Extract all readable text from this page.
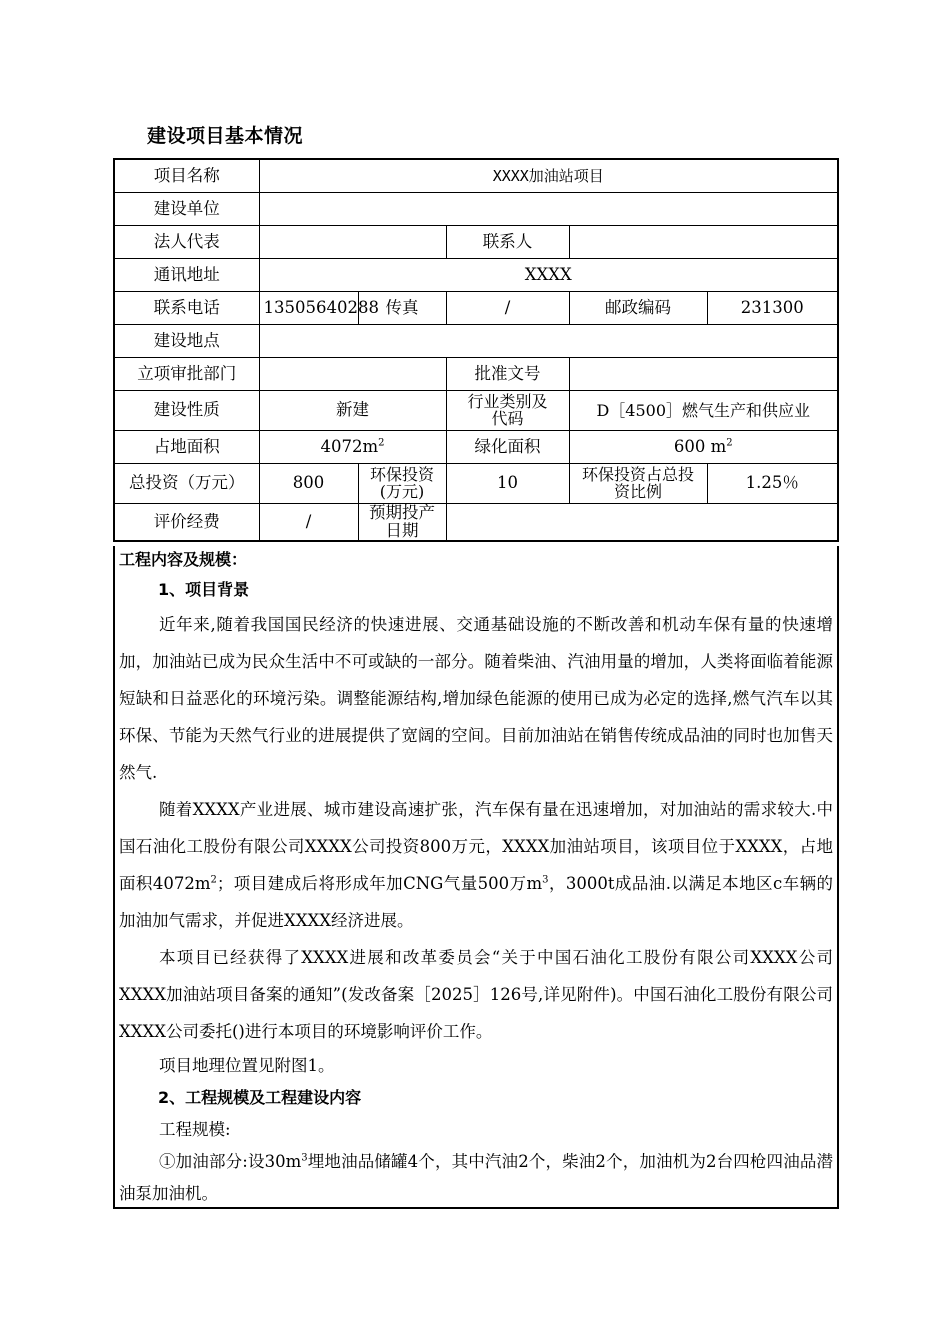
建设项目基本情况
项目名称	XXXX加油站项目				
建设单位					
法人代表			联系人		
通讯地址	XXXX				
联系电话	13505640288	传真	/	邮政编码	231300
建设地点					
立项审批部门			批准文号		
建设性质	新建		行业类别及代码	D［4500］燃气生产和供应业	
占地面积	$4072m^2$		绿化面积	600 $m^2$
总投资（万元）	800	环保投资(万元)	10	环保投资占总投资比例	1.25％
评价经费	/	预期投产日期			

工程内容及规模：

1、项目背景

近年来,随着我国国民经济的快速进展、交通基础设施的不断改善和机动车保有量的快速增加，加油站已成为民众生活中不可或缺的一部分。随着柴油、汽油用量的增加，人类将面临着能源短缺和日益恶化的环境污染。调整能源结构,增加绿色能源的使用已成为必定的选择,燃气汽车以其环保、节能为天然气行业的进展提供了宽阔的空间。目前加油站在销售传统成品油的同时也加售天然气.

随着XXXX产业进展、城市建设高速扩张，汽车保有量在迅速增加，对加油站的需求较大.中国石油化工股份有限公司XXXX公司投资800万元，XXXX加油站项目，该项目位于XXXX，占地面积$4072m^2$；项目建成后将形成年加CNG气量500万$m^3$，3000t成品油.以满足本地区c车辆的加油加气需求，并促进XXXX经济进展。

本项目已经获得了XXXX进展和改革委员会“关于中国石油化工股份有限公司XXXX公司XXXX加油站项目备案的通知”(发改备案［2025］126号,详见附件)。中国石油化工股份有限公司XXXX公司委托()进行本项目的环境影响评价工作。

项目地理位置见附图1。

2、工程规模及工程建设内容

工程规模:

①加油部分:设$30m^3$埋地油品储罐4个，其中汽油2个，柴油2个，加油机为2台四枪四油品潜油泵加油机。
